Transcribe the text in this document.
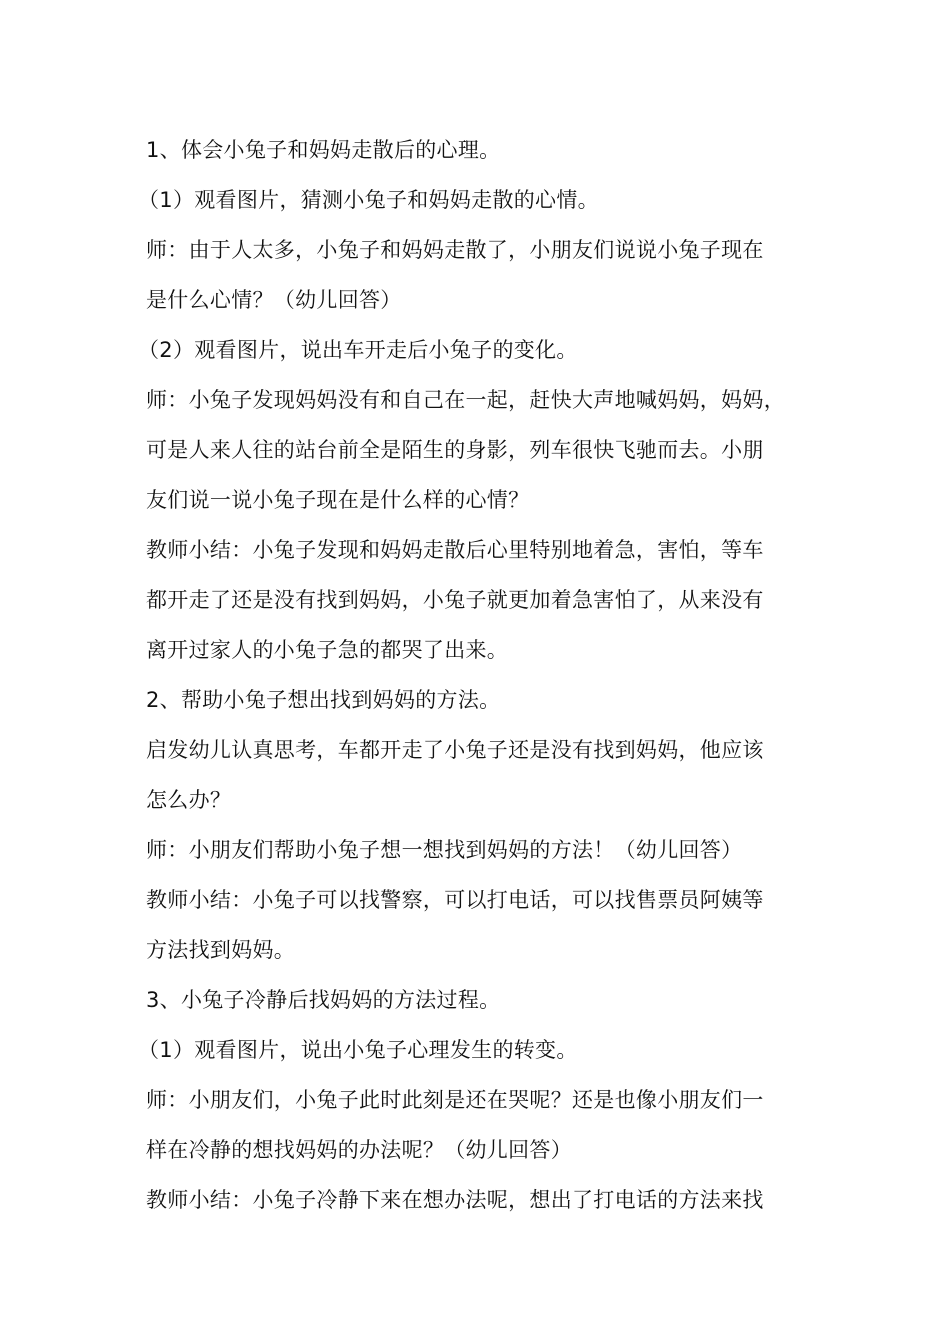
1、体会小兔子和妈妈走散后的心理。
（1）观看图片，猜测小兔子和妈妈走散的心情。
师：由于人太多，小兔子和妈妈走散了，小朋友们说说小兔子现在
是什么心情？（幼儿回答）
（2）观看图片，说出车开走后小兔子的变化。
师：小兔子发现妈妈没有和自己在一起，赶快大声地喊妈妈，妈妈，
可是人来人往的站台前全是陌生的身影，列车很快飞驰而去。小朋
友们说一说小兔子现在是什么样的心情？
教师小结：小兔子发现和妈妈走散后心里特别地着急，害怕，等车
都开走了还是没有找到妈妈，小兔子就更加着急害怕了，从来没有
离开过家人的小兔子急的都哭了出来。
2、帮助小兔子想出找到妈妈的方法。
启发幼儿认真思考，车都开走了小兔子还是没有找到妈妈，他应该
怎么办？
师：小朋友们帮助小兔子想一想找到妈妈的方法！（幼儿回答）
教师小结：小兔子可以找警察，可以打电话，可以找售票员阿姨等
方法找到妈妈。
3、小兔子冷静后找妈妈的方法过程。
（1）观看图片，说出小兔子心理发生的转变。
师：小朋友们，小兔子此时此刻是还在哭呢？还是也像小朋友们一
样在冷静的想找妈妈的办法呢？（幼儿回答）
教师小结：小兔子冷静下来在想办法呢，想出了打电话的方法来找
